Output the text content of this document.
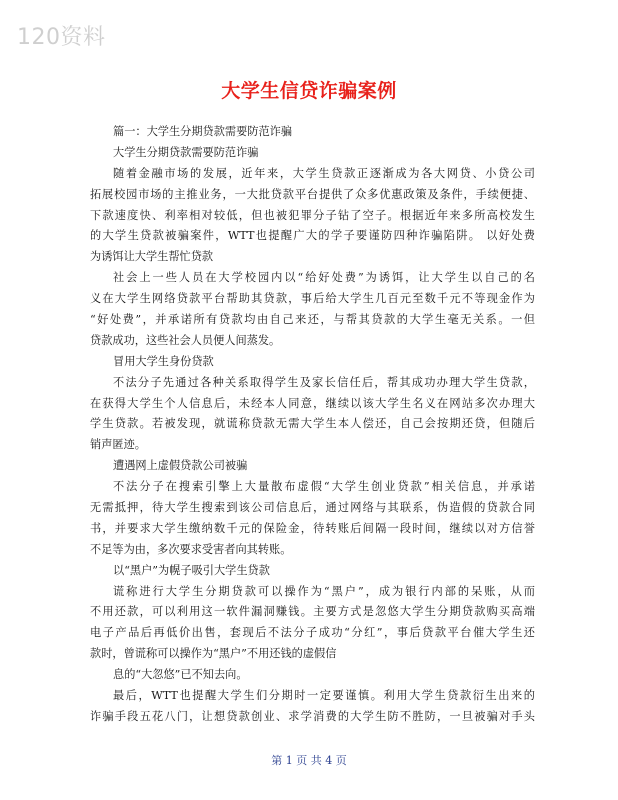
120资料
大学生信贷诈骗案例
篇一：大学生分期贷款需要防范诈骗
大学生分期贷款需要防范诈骗
随着金融市场的发展，近年来，大学生贷款正逐渐成为各大网贷、小贷公司
拓展校园市场的主推业务，一大批贷款平台提供了众多优惠政策及条件，手续便捷、
下款速度快、利率相对较低，但也被犯罪分子钻了空子。根据近年来多所高校发生
的大学生贷款被骗案件，WTT也提醒广大的学子要谨防四种诈骗陷阱。 以好处费
为诱饵让大学生帮忙贷款
社会上一些人员在大学校园内以“给好处费”为诱饵，让大学生以自己的名
义在大学生网络贷款平台帮助其贷款，事后给大学生几百元至数千元不等现金作为
“好处费”，并承诺所有贷款均由自己来还，与帮其贷款的大学生毫无关系。一但
贷款成功，这些社会人员便人间蒸发。
冒用大学生身份贷款
不法分子先通过各种关系取得学生及家长信任后，帮其成功办理大学生贷款，
在获得大学生个人信息后，未经本人同意，继续以该大学生名义在网站多次办理大
学生贷款。若被发现，就谎称贷款无需大学生本人偿还，自己会按期还贷，但随后
销声匿迹。
遭遇网上虚假贷款公司被骗
不法分子在搜索引擎上大量散布虚假“大学生创业贷款”相关信息，并承诺
无需抵押，待大学生搜索到该公司信息后，通过网络与其联系，伪造假的贷款合同
书，并要求大学生缴纳数千元的保险金，待转账后间隔一段时间，继续以对方信誉
不足等为由，多次要求受害者向其转账。
以“黑户”为幌子吸引大学生贷款
谎称进行大学生分期贷款可以操作为“黑户”，成为银行内部的呆账，从而
不用还款，可以利用这一软件漏洞赚钱。主要方式是忽悠大学生分期贷款购买高端
电子产品后再低价出售，套现后不法分子成功“分红”，事后贷款平台催大学生还
款时，曾谎称可以操作为“黑户”不用还钱的虚假信
息的“大忽悠”已不知去向。
最后，WTT也提醒大学生们分期时一定要谨慎。利用大学生贷款衍生出来的
诈骗手段五花八门，让想贷款创业、求学消费的大学生防不胜防，一旦被骗对手头
第 1 页 共 4 页
